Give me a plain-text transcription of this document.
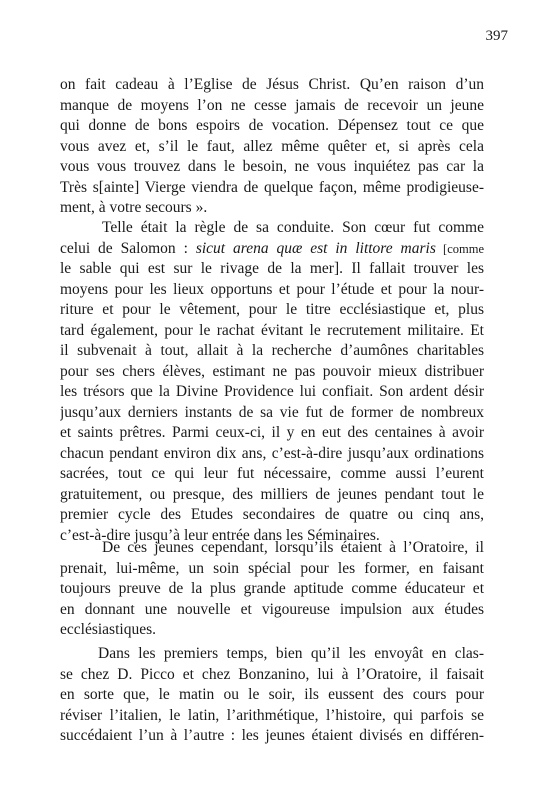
397
on fait cadeau à l’Eglise de Jésus Christ. Qu’en raison d’un
manque de moyens l’on ne cesse jamais de recevoir un jeune
qui donne de bons espoirs de vocation. Dépensez tout ce que
vous avez et, s’il le faut, allez même quêter et, si après cela
vous vous trouvez dans le besoin, ne vous inquiétez pas car la
Très s[ainte] Vierge viendra de quelque façon, même prodigieuse-
ment, à votre secours ».
Telle était la règle de sa conduite. Son cœur fut comme
celui de Salomon : sicut arena quæ est in littore maris [comme
le sable qui est sur le rivage de la mer]. Il fallait trouver les
moyens pour les lieux opportuns et pour l’étude et pour la nour-
riture et pour le vêtement, pour le titre ecclésiastique et, plus
tard également, pour le rachat évitant le recrutement militaire. Et
il subvenait à tout, allait à la recherche d’aumônes charitables
pour ses chers élèves, estimant ne pas pouvoir mieux distribuer
les trésors que la Divine Providence lui confiait. Son ardent désir
jusqu’aux derniers instants de sa vie fut de former de nombreux
et saints prêtres. Parmi ceux-ci, il y en eut des centaines à avoir
chacun pendant environ dix ans, c’est-à-dire jusqu’aux ordinations
sacrées, tout ce qui leur fut nécessaire, comme aussi l’eurent
gratuitement, ou presque, des milliers de jeunes pendant tout le
premier cycle des Etudes secondaires de quatre ou cinq ans,
c’est-à-dire jusqu’à leur entrée dans les Séminaires.
De ces jeunes cependant, lorsqu’ils étaient à l’Oratoire, il
prenait, lui-même, un soin spécial pour les former, en faisant
toujours preuve de la plus grande aptitude comme éducateur et
en donnant une nouvelle et vigoureuse impulsion aux études
ecclésiastiques.
Dans les premiers temps, bien qu’il les envoyât en clas-
se chez D. Picco et chez Bonzanino, lui à l’Oratoire, il faisait
en sorte que, le matin ou le soir, ils eussent des cours pour
réviser l’italien, le latin, l’arithmétique, l’histoire, qui parfois se
succédaient l’un à l’autre : les jeunes étaient divisés en différen-
